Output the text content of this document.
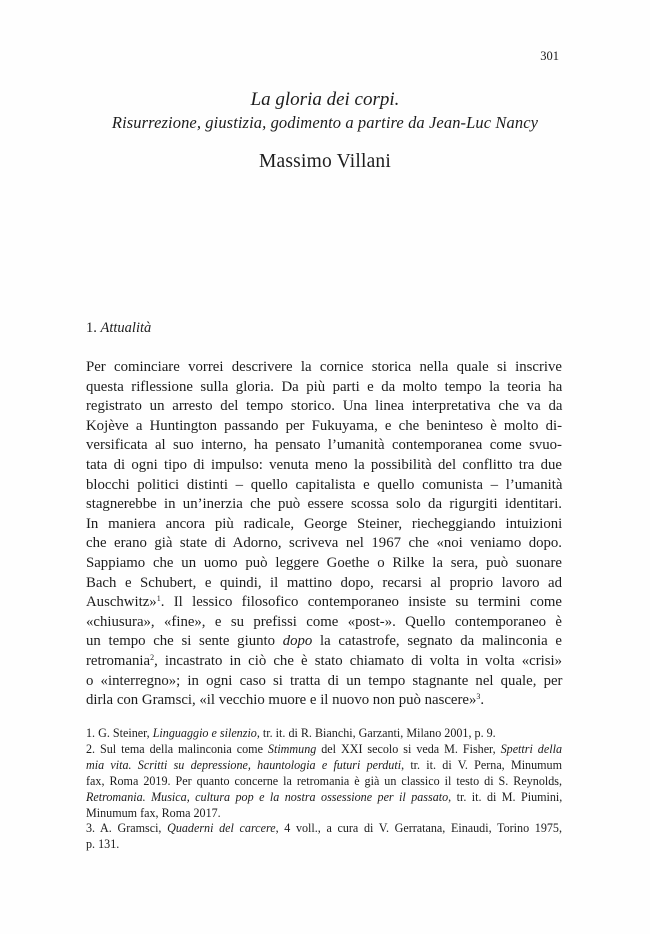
301
La gloria dei corpi.
Risurrezione, giustizia, godimento a partire da Jean-Luc Nancy
Massimo Villani
1. Attualità
Per cominciare vorrei descrivere la cornice storica nella quale si inscrive
questa riflessione sulla gloria. Da più parti e da molto tempo la teoria ha
registrato un arresto del tempo storico. Una linea interpretativa che va da
Kojève a Huntington passando per Fukuyama, e che beninteso è molto di-
versificata al suo interno, ha pensato l’umanità contemporanea come svuo-
tata di ogni tipo di impulso: venuta meno la possibilità del conflitto tra due
blocchi politici distinti – quello capitalista e quello comunista – l’umanità
stagnerebbe in un’inerzia che può essere scossa solo da rigurgiti identitari.
In maniera ancora più radicale, George Steiner, riecheggiando intuizioni
che erano già state di Adorno, scriveva nel 1967 che «noi veniamo dopo.
Sappiamo che un uomo può leggere Goethe o Rilke la sera, può suonare
Bach e Schubert, e quindi, il mattino dopo, recarsi al proprio lavoro ad
Auschwitz»$^1$. Il lessico filosofico contemporaneo insiste su termini come
«chiusura», «fine», e su prefissi come «post-». Quello contemporaneo è
un tempo che si sente giunto dopo la catastrofe, segnato da malinconia e
retromania$^2$, incastrato in ciò che è stato chiamato di volta in volta «crisi»
o «interregno»; in ogni caso si tratta di un tempo stagnante nel quale, per
dirla con Gramsci, «il vecchio muore e il nuovo non può nascere»$^3$.
1. G. Steiner, Linguaggio e silenzio, tr. it. di R. Bianchi, Garzanti, Milano 2001, p. 9.
2. Sul tema della malinconia come Stimmung del XXI secolo si veda M. Fisher, Spettri della
mia vita. Scritti su depressione, hauntologia e futuri perduti, tr. it. di V. Perna, Minumum
fax, Roma 2019. Per quanto concerne la retromania è già un classico il testo di S. Reynolds,
Retromania. Musica, cultura pop e la nostra ossessione per il passato, tr. it. di M. Piumini,
Minumum fax, Roma 2017.
3. A. Gramsci, Quaderni del carcere, 4 voll., a cura di V. Gerratana, Einaudi, Torino 1975,
p. 131.
